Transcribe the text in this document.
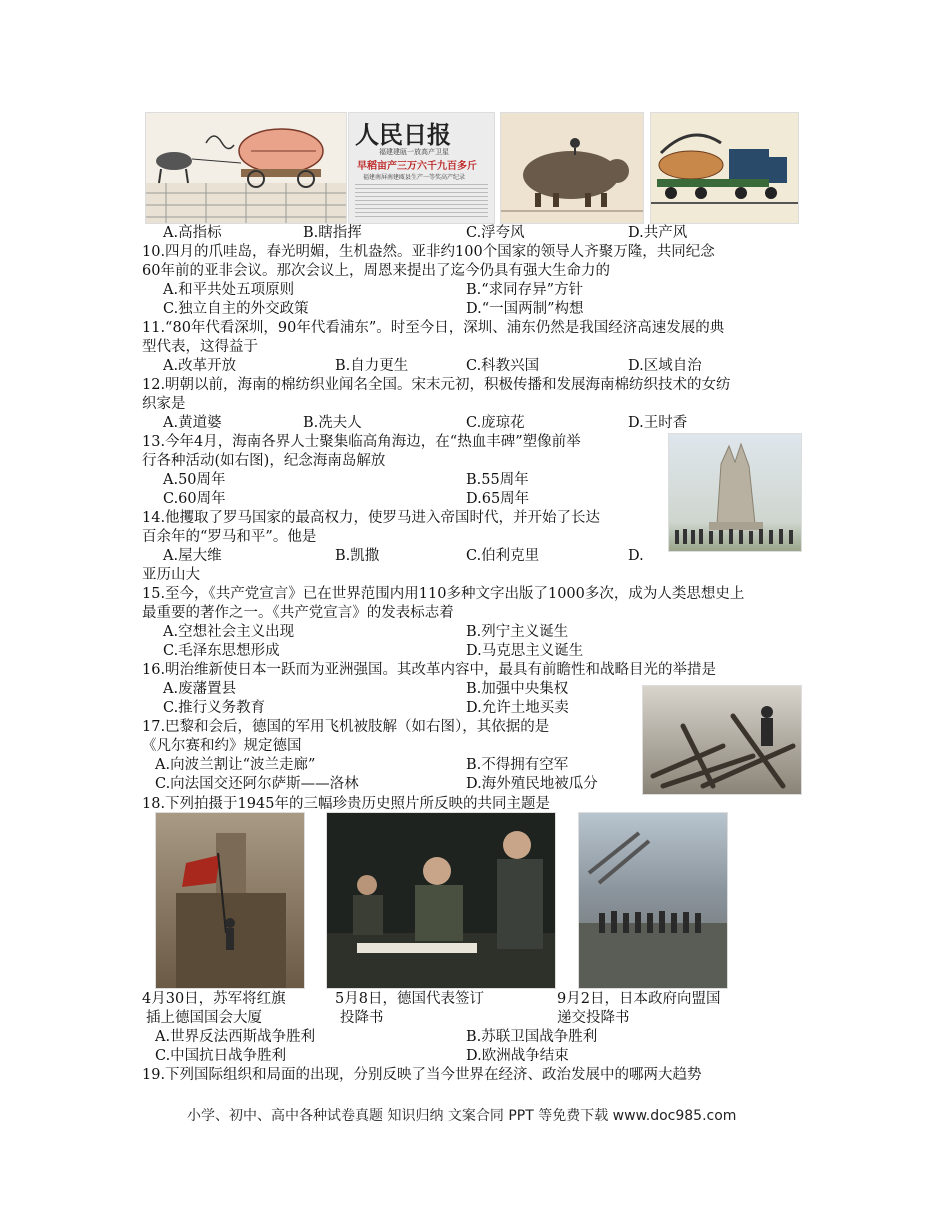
人民日报
福建建瓯一放高产卫星
早稻亩产三万六千九百多斤
福建南屏南建瓯县生产一等奖高产纪录
A.高指标	B.瞎指挥	C.浮夸风	D.共产风
10.四月的爪哇岛，春光明媚，生机盎然。亚非约100个国家的领导人齐聚万隆，共同纪念
60年前的亚非会议。那次会议上，周恩来提出了迄今仍具有强大生命力的
A.和平共处五项原则	B.“求同存异”方针
C.独立自主的外交政策	D.“一国两制”构想
11.“80年代看深圳，90年代看浦东”。时至今日，深圳、浦东仍然是我国经济高速发展的典
型代表，这得益于
A.改革开放	B.自力更生	C.科教兴国	D.区域自治
12.明朝以前，海南的棉纺织业闻名全国。宋末元初，积极传播和发展海南棉纺织技术的女纺
织家是
A.黄道婆	B.冼夫人	C.庞琼花	D.王时香
13.今年4月，海南各界人士聚集临高角海边，在“热血丰碑”塑像前举
行各种活动(如右图)，纪念海南岛解放
A.50周年	B.55周年
C.60周年	D.65周年
14.他攫取了罗马国家的最高权力，使罗马进入帝国时代，并开始了长达
百余年的“罗马和平”。他是
A.屋大维	B.凯撒	C.伯利克里	D.
亚历山大
15.至今，《共产党宣言》已在世界范围内用110多种文字出版了1000多次，成为人类思想史上
最重要的著作之一。《共产党宣言》的发表标志着
A.空想社会主义出现	B.列宁主义诞生
C.毛泽东思想形成	D.马克思主义诞生
16.明治维新使日本一跃而为亚洲强国。其改革内容中，最具有前瞻性和战略目光的举措是
A.废藩置县	B.加强中央集权
C.推行义务教育	D.允许土地买卖
17.巴黎和会后，德国的军用飞机被肢解（如右图），其依据的是
《凡尔赛和约》规定德国
A.向波兰割让“波兰走廊”	B.不得拥有空军
C.向法国交还阿尔萨斯——洛林	D.海外殖民地被瓜分
18.下列拍摄于1945年的三幅珍贵历史照片所反映的共同主题是
4月30日，苏军将红旗
插上德国国会大厦
5月8日，德国代表签订
投降书
9月2日，日本政府向盟国
递交投降书
A.世界反法西斯战争胜利	B.苏联卫国战争胜利
C.中国抗日战争胜利	D.欧洲战争结束
19.下列国际组织和局面的出现，分别反映了当今世界在经济、政治发展中的哪两大趋势
小学、初中、高中各种试卷真题 知识归纳 文案合同 PPT 等免费下载 www.doc985.com
